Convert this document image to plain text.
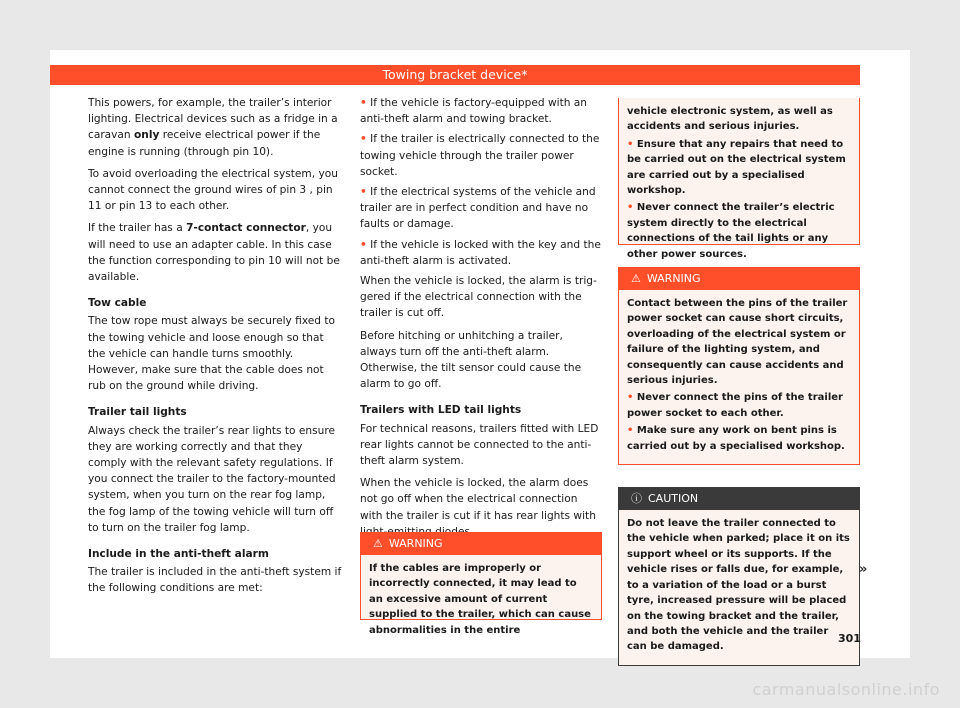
Towing bracket device*

This powers, for example, the trailer’s interior lighting. Electrical devices such as a fridge in a caravan only receive electrical power if the engine is running (through pin 10).

To avoid overloading the electrical system, you cannot connect the ground wires of pin 3 , pin 11 or pin 13 to each other.

If the trailer has a 7-contact connector, you will need to use an adapter cable. In this case the function corresponding to pin 10 will not be available.

Tow cable

The tow rope must always be securely fixed to the towing vehicle and loose enough so that the vehicle can handle turns smoothly. However, make sure that the cable does not rub on the ground while driving.

Trailer tail lights

Always check the trailer’s rear lights to ensure they are working correctly and that they comply with the relevant safety regulations. If you connect the trailer to the factory-mounted system, when you turn on the rear fog lamp, the fog lamp of the towing vehicle will turn off to turn on the trailer fog lamp.

Include in the anti-theft alarm

The trailer is included in the anti-theft system if the following conditions are met:

• If the vehicle is factory-equipped with an anti-theft alarm and towing bracket.

• If the trailer is electrically connected to the towing vehicle through the trailer power socket.

• If the electrical systems of the vehicle and trailer are in perfect condition and have no faults or damage.

• If the vehicle is locked with the key and the anti-theft alarm is activated.

When the vehicle is locked, the alarm is triggered if the electrical connection with the trailer is cut off.

Before hitching or unhitching a trailer, always turn off the anti-theft alarm. Otherwise, the tilt sensor could cause the alarm to go off.

Trailers with LED tail lights

For technical reasons, trailers fitted with LED rear lights cannot be connected to the anti-theft alarm system.

When the vehicle is locked, the alarm does not go off when the electrical connection with the trailer is cut if it has rear lights with

⚠ WARNING

If the cables are improperly or incorrectly connected, it may lead to an excessive amount of current supplied to the trailer, which can cause abnormalities in the entire

vehicle electronic system, as well as accidents and serious injuries.

• Ensure that any repairs that need to be carried out on the electrical system are carried out by a specialised workshop.

• Never connect the trailer’s electric system directly to the electrical connections of the tail lights or any other power sources.

⚠ WARNING

Contact between the pins of the trailer power socket can cause short circuits, overloading of the electrical system or failure of the lighting system, and consequently can cause accidents and serious injuries.

• Never connect the pins of the trailer power socket to each other.

• Make sure any work on bent pins is carried out by a specialised workshop.

ⓘ CAUTION

Do not leave the trailer connected to the vehicle when parked; place it on its support wheel or its supports. If the vehicle rises or falls due, for example, to a variation of the load or a burst tyre, increased pressure will be placed on the towing bracket and the trailer, and both the vehicle and the trailer can be damaged.

»
301
carmanualsonline.info
